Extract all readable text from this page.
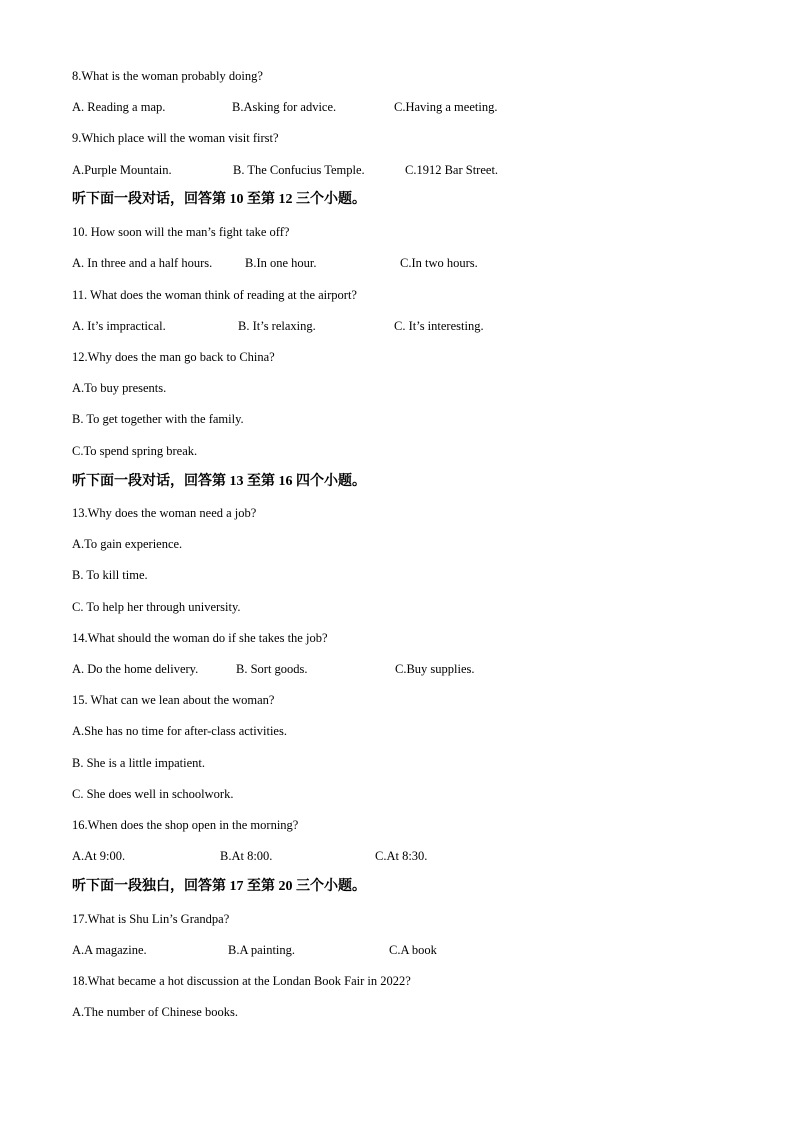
8.What is the woman probably doing?
A. Reading a map.	B.Asking for advice.	C.Having a meeting.
9.Which place will the woman visit first?
A.Purple Mountain.	B. The Confucius Temple.	C.1912 Bar Street.
听下面一段对话，回答第 10 至第 12 三个小题。
10. How soon will the man’s fight take off?
A. In three and a half hours.	B.In one hour.	C.In two hours.
11. What does the woman think of reading at the airport?
A. It’s impractical.	B. It’s relaxing.	C. It’s interesting.
12.Why does the man go back to China?
A.To buy presents.
B. To get together with the family.
C.To spend spring break.
听下面一段对话，回答第 13 至第 16 四个小题。
13.Why does the woman need a job?
A.To gain experience.
B. To kill time.
C. To help her through university.
14.What should the woman do if she takes the job?
A. Do the home delivery.	B. Sort goods.	C.Buy supplies.
15. What can we lean about the woman?
A.She has no time for after-class activities.
B. She is a little impatient.
C. She does well in schoolwork.
16.When does the shop open in the morning?
A.At 9:00.	B.At 8:00.	C.At 8:30.
听下面一段独白，回答第 17 至第 20 三个小题。
17.What is Shu Lin’s Grandpa?
A.A magazine.	B.A painting.	C.A book
18.What became a hot discussion at the Londan Book Fair in 2022?
A.The number of Chinese books.
